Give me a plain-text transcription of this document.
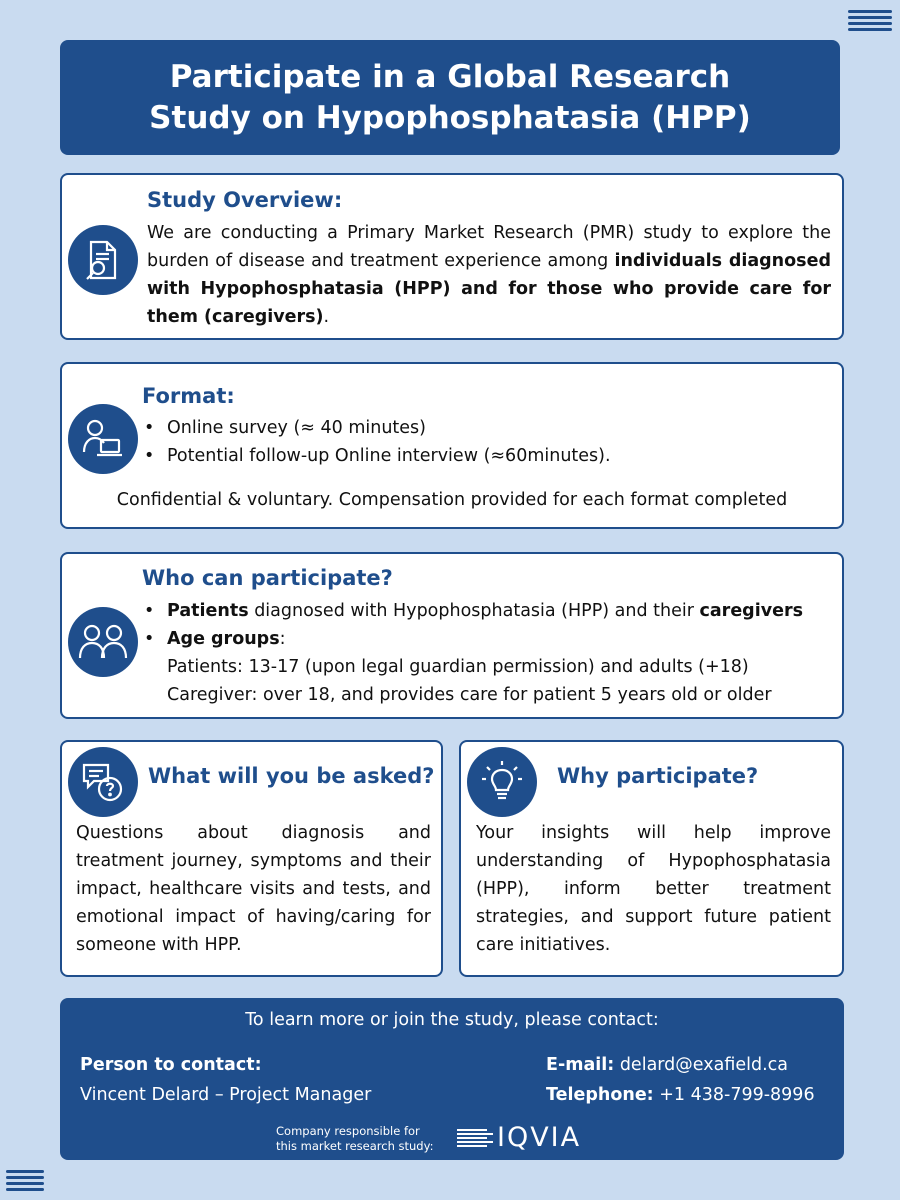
Participate in a Global Research Study on Hypophosphatasia (HPP)
Study Overview:
We are conducting a Primary Market Research (PMR) study to explore the burden of disease and treatment experience among individuals diagnosed with Hypophosphatasia (HPP) and for those who provide care for them (caregivers).
Format:
• Online survey (≈ 40 minutes)
• Potential follow-up Online interview (≈60minutes).
Confidential & voluntary. Compensation provided for each format completed
Who can participate?
• Patients diagnosed with Hypophosphatasia (HPP) and their caregivers
• Age groups:
Patients: 13-17 (upon legal guardian permission) and adults (+18)
Caregiver: over 18, and provides care for patient 5 years old or older
What will you be asked?
Questions about diagnosis and treatment journey, symptoms and their impact, healthcare visits and tests, and emotional impact of having/caring for someone with HPP.
Why participate?
Your insights will help improve understanding of Hypophosphatasia (HPP), inform better treatment strategies, and support future patient care initiatives.
To learn more or join the study, please contact:
Person to contact:
Vincent Delard – Project Manager
E-mail: delard@exafield.ca
Telephone: +1 438-799-8996
Company responsible for
this market research study: IQVIA
